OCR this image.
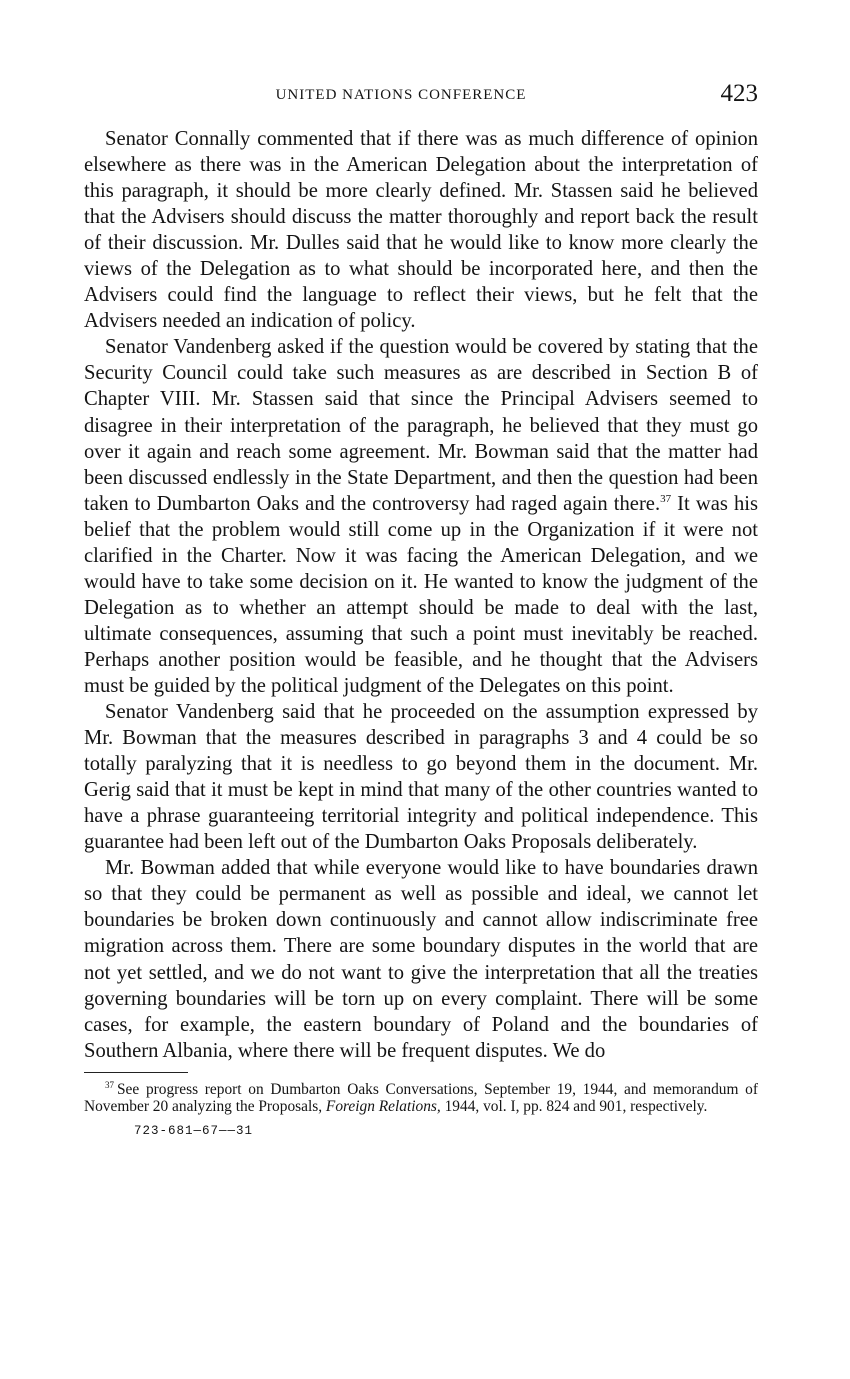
UNITED NATIONS CONFERENCE	423

Senator Connally commented that if there was as much difference of opinion elsewhere as there was in the American Delegation about the interpretation of this paragraph, it should be more clearly defined. Mr. Stassen said he believed that the Advisers should discuss the matter thoroughly and report back the result of their discussion. Mr. Dulles said that he would like to know more clearly the views of the Delegation as to what should be incorporated here, and then the Advisers could find the language to reflect their views, but he felt that the Advisers needed an indication of policy.

Senator Vandenberg asked if the question would be covered by stating that the Security Council could take such measures as are described in Section B of Chapter VIII. Mr. Stassen said that since the Principal Advisers seemed to disagree in their interpretation of the paragraph, he believed that they must go over it again and reach some agreement. Mr. Bowman said that the matter had been discussed endlessly in the State Department, and then the question had been taken to Dumbarton Oaks and the controversy had raged again there.$^{37}$ It was his belief that the problem would still come up in the Organization if it were not clarified in the Charter. Now it was facing the American Delegation, and we would have to take some decision on it. He wanted to know the judgment of the Delegation as to whether an attempt should be made to deal with the last, ultimate consequences, assuming that such a point must inevitably be reached. Perhaps another position would be feasible, and he thought that the Advisers must be guided by the political judgment of the Delegates on this point.

Senator Vandenberg said that he proceeded on the assumption expressed by Mr. Bowman that the measures described in paragraphs 3 and 4 could be so totally paralyzing that it is needless to go beyond them in the document. Mr. Gerig said that it must be kept in mind that many of the other countries wanted to have a phrase guaranteeing territorial integrity and political independence. This guarantee had been left out of the Dumbarton Oaks Proposals deliberately.

Mr. Bowman added that while everyone would like to have boundaries drawn so that they could be permanent as well as possible and ideal, we cannot let boundaries be broken down continuously and cannot allow indiscriminate free migration across them. There are some boundary disputes in the world that are not yet settled, and we do not want to give the interpretation that all the treaties governing boundaries will be torn up on every complaint. There will be some cases, for example, the eastern boundary of Poland and the boundaries of Southern Albania, where there will be frequent disputes. We do

$^{37}$ See progress report on Dumbarton Oaks Conversations, September 19, 1944, and memorandum of November 20 analyzing the Proposals, Foreign Relations, 1944, vol. I, pp. 824 and 901, respectively.
723-681—67——31
